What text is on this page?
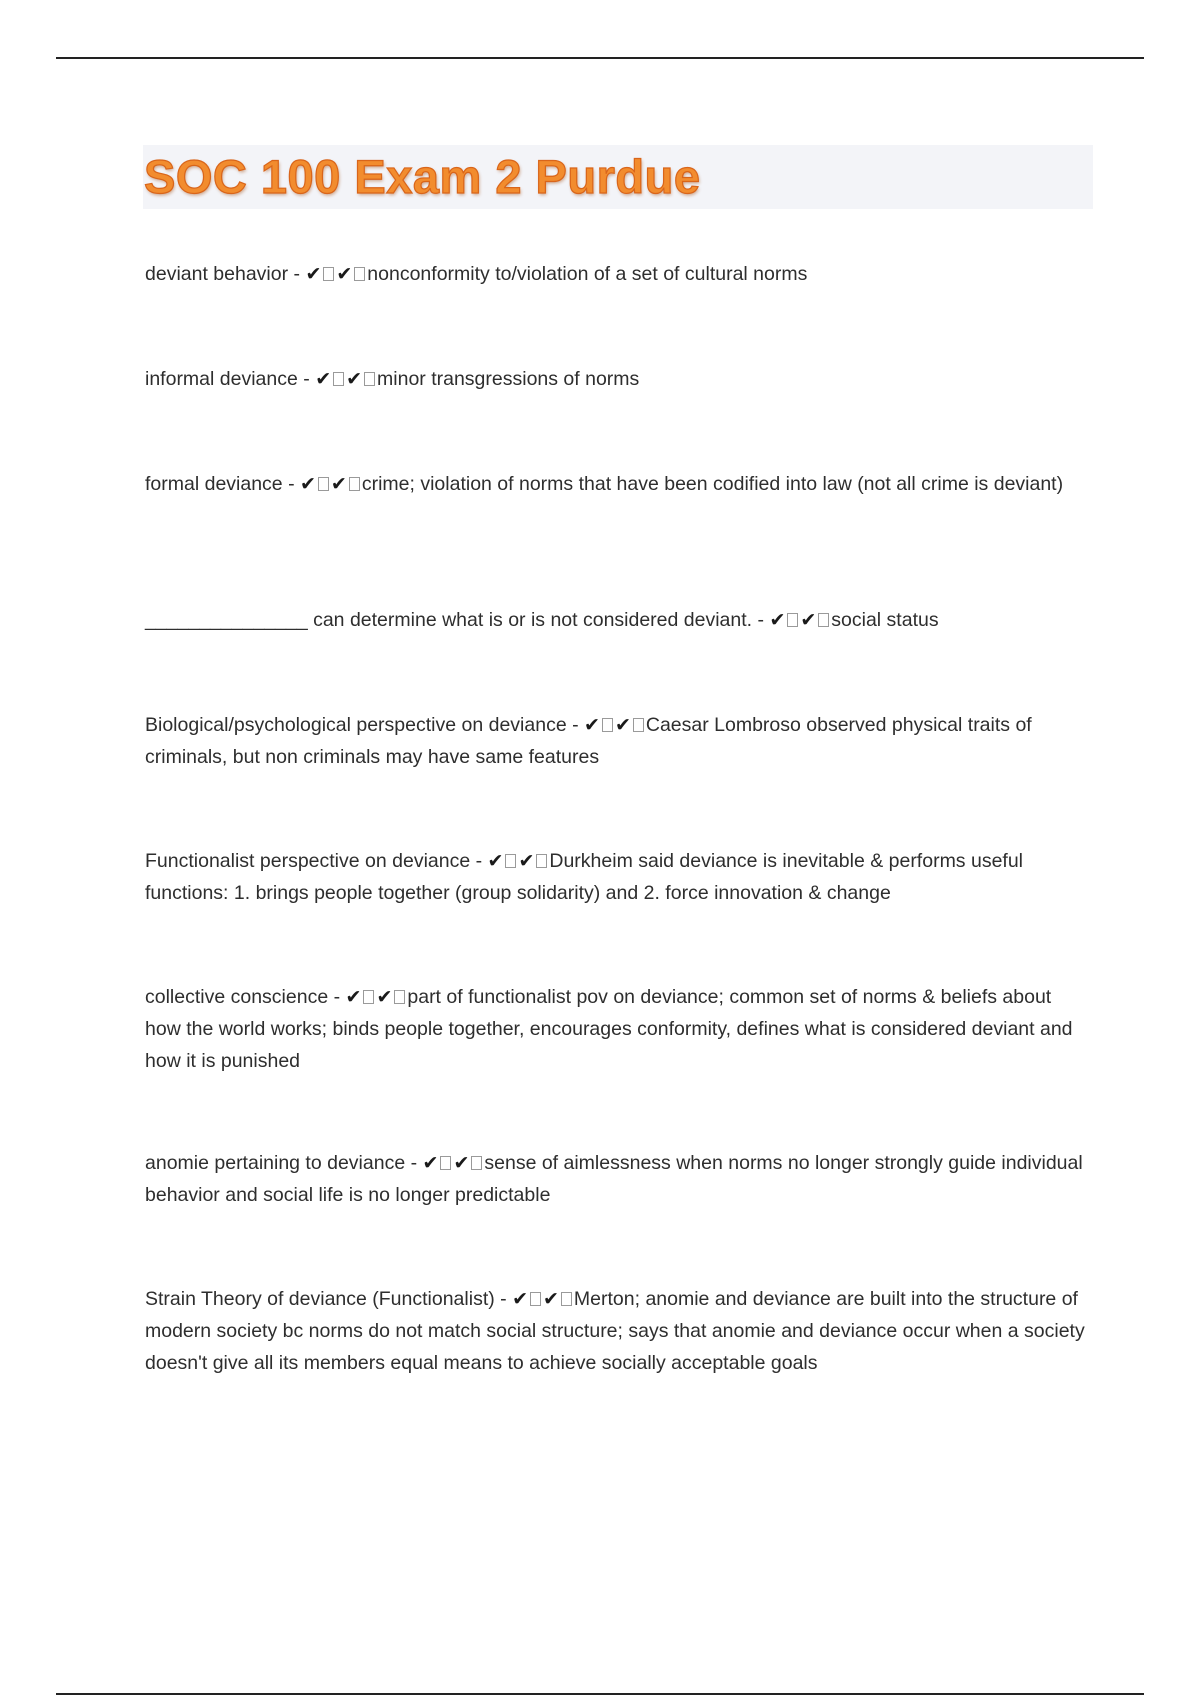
SOC 100 Exam 2 Purdue
deviant behavior - ✔ ✔ nonconformity to/violation of a set of cultural norms
informal deviance - ✔ ✔ minor transgressions of norms
formal deviance - ✔ ✔ crime; violation of norms that have been codified into law (not all crime is deviant)
_______________ can determine what is or is not considered deviant. - ✔ ✔ social status
Biological/psychological perspective on deviance - ✔ ✔ Caesar Lombroso observed physical traits of criminals, but non criminals may have same features
Functionalist perspective on deviance - ✔ ✔ Durkheim said deviance is inevitable & performs useful functions: 1. brings people together (group solidarity) and 2. force innovation & change
collective conscience - ✔ ✔ part of functionalist pov on deviance; common set of norms & beliefs about how the world works; binds people together, encourages conformity, defines what is considered deviant and how it is punished
anomie pertaining to deviance - ✔ ✔ sense of aimlessness when norms no longer strongly guide individual behavior and social life is no longer predictable
Strain Theory of deviance (Functionalist) - ✔ ✔ Merton; anomie and deviance are built into the structure of modern society bc norms do not match social structure; says that anomie and deviance occur when a society doesn't give all its members equal means to achieve socially acceptable goals
